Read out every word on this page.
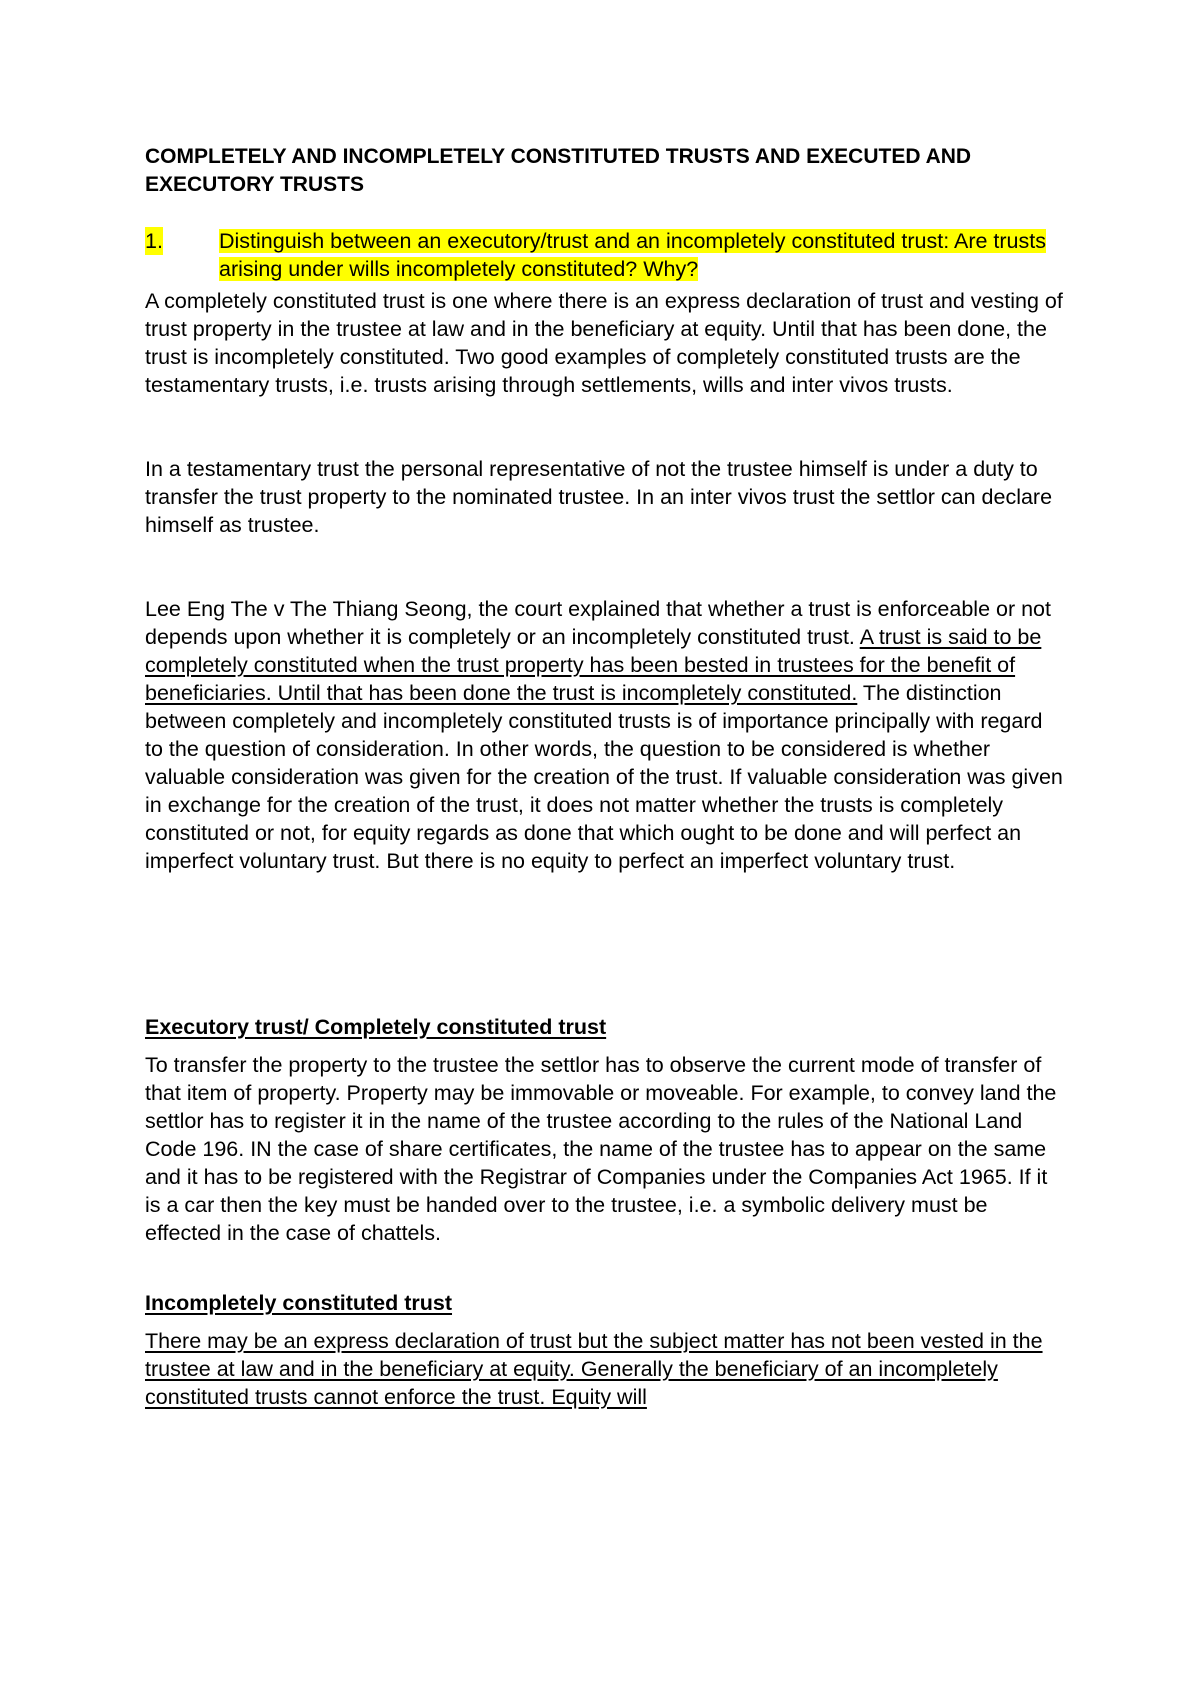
COMPLETELY AND INCOMPLETELY CONSTITUTED TRUSTS AND EXECUTED AND EXECUTORY TRUSTS
1.	Distinguish between an executory/trust and an incompletely constituted trust: Are trusts arising under wills incompletely constituted? Why?

A completely constituted trust is one where there is an express declaration of trust and vesting of trust property in the trustee at law and in the beneficiary at equity. Until that has been done, the trust is incompletely constituted. Two good examples of completely constituted trusts are the testamentary trusts, i.e. trusts arising through settlements, wills and inter vivos trusts.

In a testamentary trust the personal representative of not the trustee himself is under a duty to transfer the trust property to the nominated trustee. In an inter vivos trust the settlor can declare himself as trustee.

Lee Eng The v The Thiang Seong, the court explained that whether a trust is enforceable or not depends upon whether it is completely or an incompletely constituted trust. A trust is said to be completely constituted when the trust property has been bested in trustees for the benefit of beneficiaries. Until that has been done the trust is incompletely constituted. The distinction between completely and incompletely constituted trusts is of importance principally with regard to the question of consideration. In other words, the question to be considered is whether valuable consideration was given for the creation of the trust. If valuable consideration was given in exchange for the creation of the trust, it does not matter whether the trusts is completely constituted or not, for equity regards as done that which ought to be done and will perfect an imperfect voluntary trust. But there is no equity to perfect an imperfect voluntary trust.

Executory trust/ Completely constituted trust

To transfer the property to the trustee the settlor has to observe the current mode of transfer of that item of property. Property may be immovable or moveable. For example, to convey land the settlor has to register it in the name of the trustee according to the rules of the National Land Code 196. IN the case of share certificates, the name of the trustee has to appear on the same and it has to be registered with the Registrar of Companies under the Companies Act 1965. If it is a car then the key must be handed over to the trustee, i.e. a symbolic delivery must be effected in the case of chattels.

Incompletely constituted trust

There may be an express declaration of trust but the subject matter has not been vested in the trustee at law and in the beneficiary at equity. Generally the beneficiary of an incompletely constituted trusts cannot enforce the trust. Equity will
